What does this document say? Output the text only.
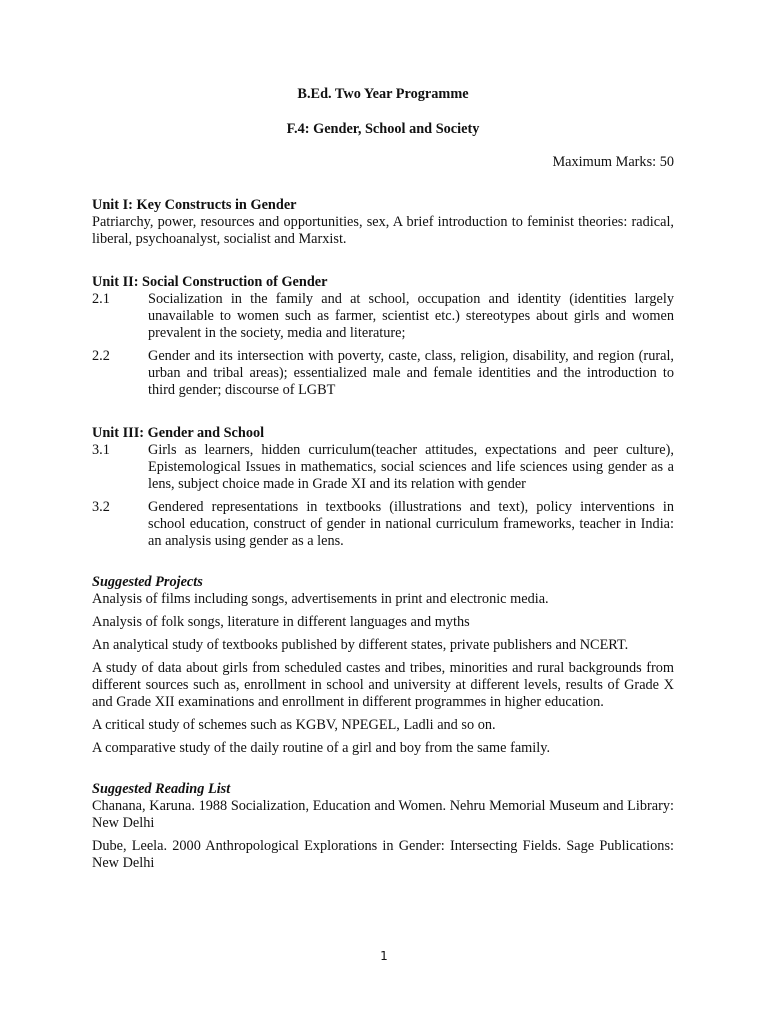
B.Ed. Two Year Programme

F.4: Gender, School and Society

Maximum Marks: 50

Unit I: Key Constructs in Gender

Patriarchy, power, resources and opportunities, sex, A brief introduction to feminist theories: radical, liberal, psychoanalyst, socialist and Marxist.

Unit II: Social Construction of Gender

2.1	Socialization in the family and at school, occupation and identity (identities largely unavailable to women such as farmer, scientist etc.) stereotypes about girls and women prevalent in the society, media and literature;
2.2	Gender and its intersection with poverty, caste, class, religion, disability, and region (rural, urban and tribal areas); essentialized male and female identities and the introduction to third gender; discourse of LGBT

Unit III: Gender and School

3.1	Girls as learners, hidden curriculum(teacher attitudes, expectations and peer culture), Epistemological Issues in mathematics, social sciences and life sciences using gender as a lens, subject choice made in Grade XI and its relation with gender
3.2	Gendered representations in textbooks (illustrations and text), policy interventions in school education, construct of gender in national curriculum frameworks, teacher in India: an analysis using gender as a lens.

Suggested Projects

Analysis of films including songs, advertisements in print and electronic media.

Analysis of folk songs, literature in different languages and myths

An analytical study of textbooks published by different states, private publishers and NCERT.

A study of data about girls from scheduled castes and tribes, minorities and rural backgrounds from different sources such as, enrollment in school and university at different levels, results of Grade X and Grade XII examinations and enrollment in different programmes in higher education.

A critical study of schemes such as KGBV, NPEGEL, Ladli and so on.

A comparative study of the daily routine of a girl and boy from the same family.

Suggested Reading List

Chanana, Karuna. 1988 Socialization, Education and Women. Nehru Memorial Museum and Library: New Delhi

Dube, Leela. 2000 Anthropological Explorations in Gender: Intersecting Fields. Sage Publications: New Delhi

1
